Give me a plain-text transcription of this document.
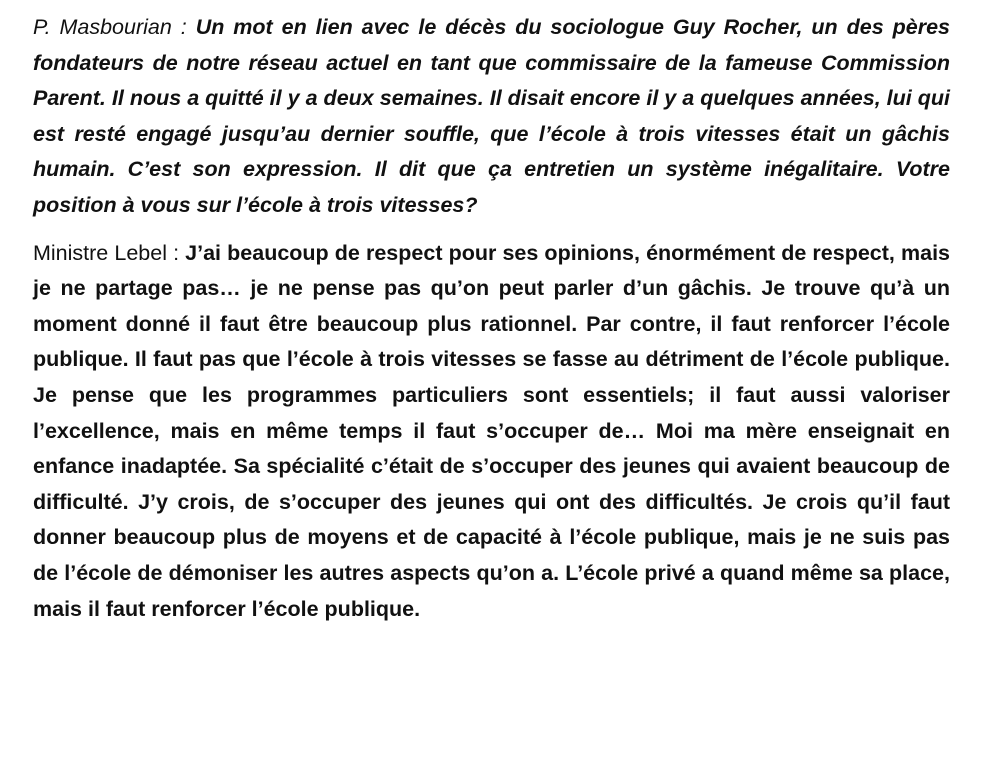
P. Masbourian : Un mot en lien avec le décès du sociologue Guy Rocher, un des pères fondateurs de notre réseau actuel en tant que commissaire de la fameuse Commission Parent. Il nous a quitté il y a deux semaines. Il disait encore il y a quelques années, lui qui est resté engagé jusqu’au dernier souffle, que l’école à trois vitesses était un gâchis humain. C’est son expression. Il dit que ça entretien un système inégalitaire. Votre position à vous sur l’école à trois vitesses?

Ministre Lebel : J’ai beaucoup de respect pour ses opinions, énormément de respect, mais je ne partage pas… je ne pense pas qu’on peut parler d’un gâchis. Je trouve qu’à un moment donné il faut être beaucoup plus rationnel. Par contre, il faut renforcer l’école publique. Il faut pas que l’école à trois vitesses se fasse au détriment de l’école publique. Je pense que les programmes particuliers sont essentiels; il faut aussi valoriser l’excellence, mais en même temps il faut s’occuper de… Moi ma mère enseignait en enfance inadaptée. Sa spécialité c’était de s’occuper des jeunes qui avaient beaucoup de difficulté. J’y crois, de s’occuper des jeunes qui ont des difficultés. Je crois qu’il faut donner beaucoup plus de moyens et de capacité à l’école publique, mais je ne suis pas de l’école de démoniser les autres aspects qu’on a. L’école privé a quand même sa place, mais il faut renforcer l’école publique.
